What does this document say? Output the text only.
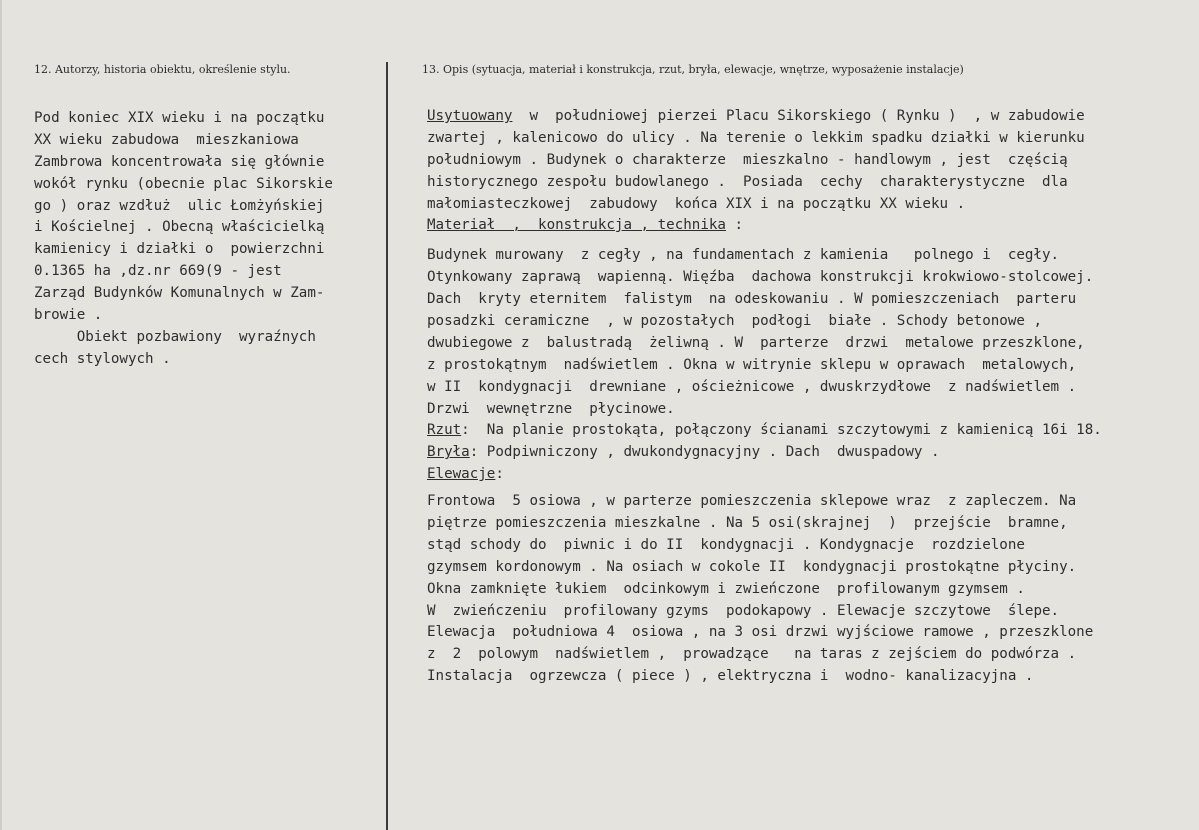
12. Autorzy, historia obiektu, określenie stylu.	13. Opis (sytuacja, materiał i konstrukcja, rzut, bryła, elewacje, wnętrze, wyposażenie instalacje)
Pod koniec XIX wieku i na początku
XX wieku zabudowa  mieszkaniowa
Zambrowa koncentrowała się głównie
wokół rynku (obecnie plac Sikorskie
go ) oraz wzdłuż  ulic Łomżyńskiej
i Kościelnej . Obecną właścicielką
kamienicy i działki o  powierzchni
0.1365 ha ,dz.nr 669(9 - jest
Zarząd Budynków Komunalnych w Zam-
browie .
Obiekt pozbawiony  wyraźnych
cech stylowych .
Usytuowany  w  południowej pierzei Placu Sikorskiego ( Rynku )  , w zabudowie
zwartej , kalenicowo do ulicy . Na terenie o lekkim spadku działki w kierunku
południowym . Budynek o charakterze  mieszkalno - handlowym , jest  częścią
historycznego zespołu budowlanego .  Posiada  cechy  charakterystyczne  dla
małomiasteczkowej  zabudowy  końca XIX i na początku XX wieku .
Materiał  ,  konstrukcja , technika :
Budynek murowany  z cegły , na fundamentach z kamienia   polnego i  cegły.
Otynkowany zaprawą  wapienną. Więźba  dachowa konstrukcji krokwiowo-stolcowej.
Dach  kryty eternitem  falistym  na odeskowaniu . W pomieszczeniach  parteru
posadzki ceramiczne  , w pozostałych  podłogi  białe . Schody betonowe ,
dwubiegowe z  balustradą  żeliwną . W  parterze  drzwi  metalowe przeszklone,
z prostokątnym  nadświetlem . Okna w witrynie sklepu w oprawach  metalowych,
w II  kondygnacji  drewniane , ościeżnicowe , dwuskrzydłowe  z nadświetlem .
Drzwi  wewnętrzne  płycinowe.
Rzut:  Na planie prostokąta, połączony ścianami szczytowymi z kamienicą 16i 18.
Bryła: Podpiwniczony , dwukondygnacyjny . Dach  dwuspadowy .
Elewacje:
Frontowa  5 osiowa , w parterze pomieszczenia sklepowe wraz  z zapleczem. Na
piętrze pomieszczenia mieszkalne . Na 5 osi(skrajnej  )  przejście  bramne,
stąd schody do  piwnic i do II  kondygnacji . Kondygnacje  rozdzielone
gzymsem kordonowym . Na osiach w cokole II  kondygnacji prostokątne płyciny.
Okna zamknięte łukiem  odcinkowym i zwieńczone  profilowanym gzymsem .
W  zwieńczeniu  profilowany gzyms  podokapowy . Elewacje szczytowe  ślepe.
Elewacja  południowa 4  osiowa , na 3 osi drzwi wyjściowe ramowe , przeszklone
z  2  polowym  nadświetlem ,  prowadzące   na taras z zejściem do podwórza .
Instalacja  ogrzewcza ( piece ) , elektryczna i  wodno- kanalizacyjna .
